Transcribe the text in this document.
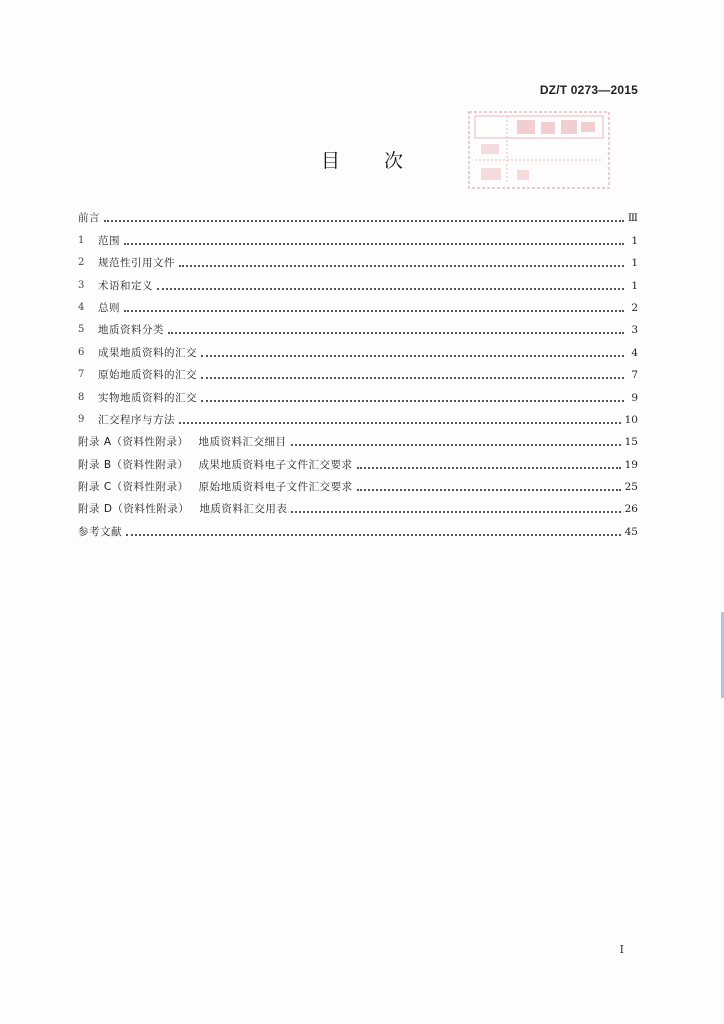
DZ/T 0273—2015
目 次
前言	Ⅲ
1	范围	1
2	规范性引用文件	1
3	术语和定义	1
4	总则	2
5	地质资料分类	3
6	成果地质资料的汇交	4
7	原始地质资料的汇交	7
8	实物地质资料的汇交	9
9	汇交程序与方法	10
附录 A（资料性附录） 地质资料汇交细目	15
附录 B（资料性附录） 成果地质资料电子文件汇交要求	19
附录 C（资料性附录） 原始地质资料电子文件汇交要求	25
附录 D（资料性附录） 地质资料汇交用表	26
参考文献	45
I
